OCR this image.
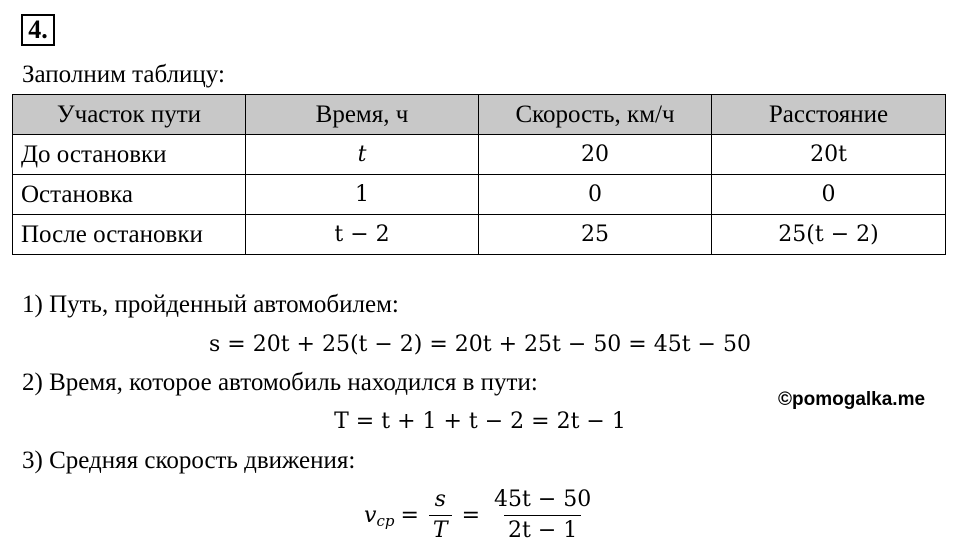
4.
Заполним таблицу:
Участок пути	Время, ч	Скорость, км/ч	Расстояние
До остановки	t	20	20t
Остановка	1	0	0
После остановки	t − 2	25	25(t − 2)
1) Путь, пройденный автомобилем:
s = 20t + 25(t − 2) = 20t + 25t − 50 = 45t − 50
2) Время, которое автомобиль находился в пути:
©pomogalka.me
T = t + 1 + t − 2 = 2t − 1
3) Средняя скорость движения:
v ср = $\frac{s}{T} = \frac{45t - 50}{2t - 1}$
